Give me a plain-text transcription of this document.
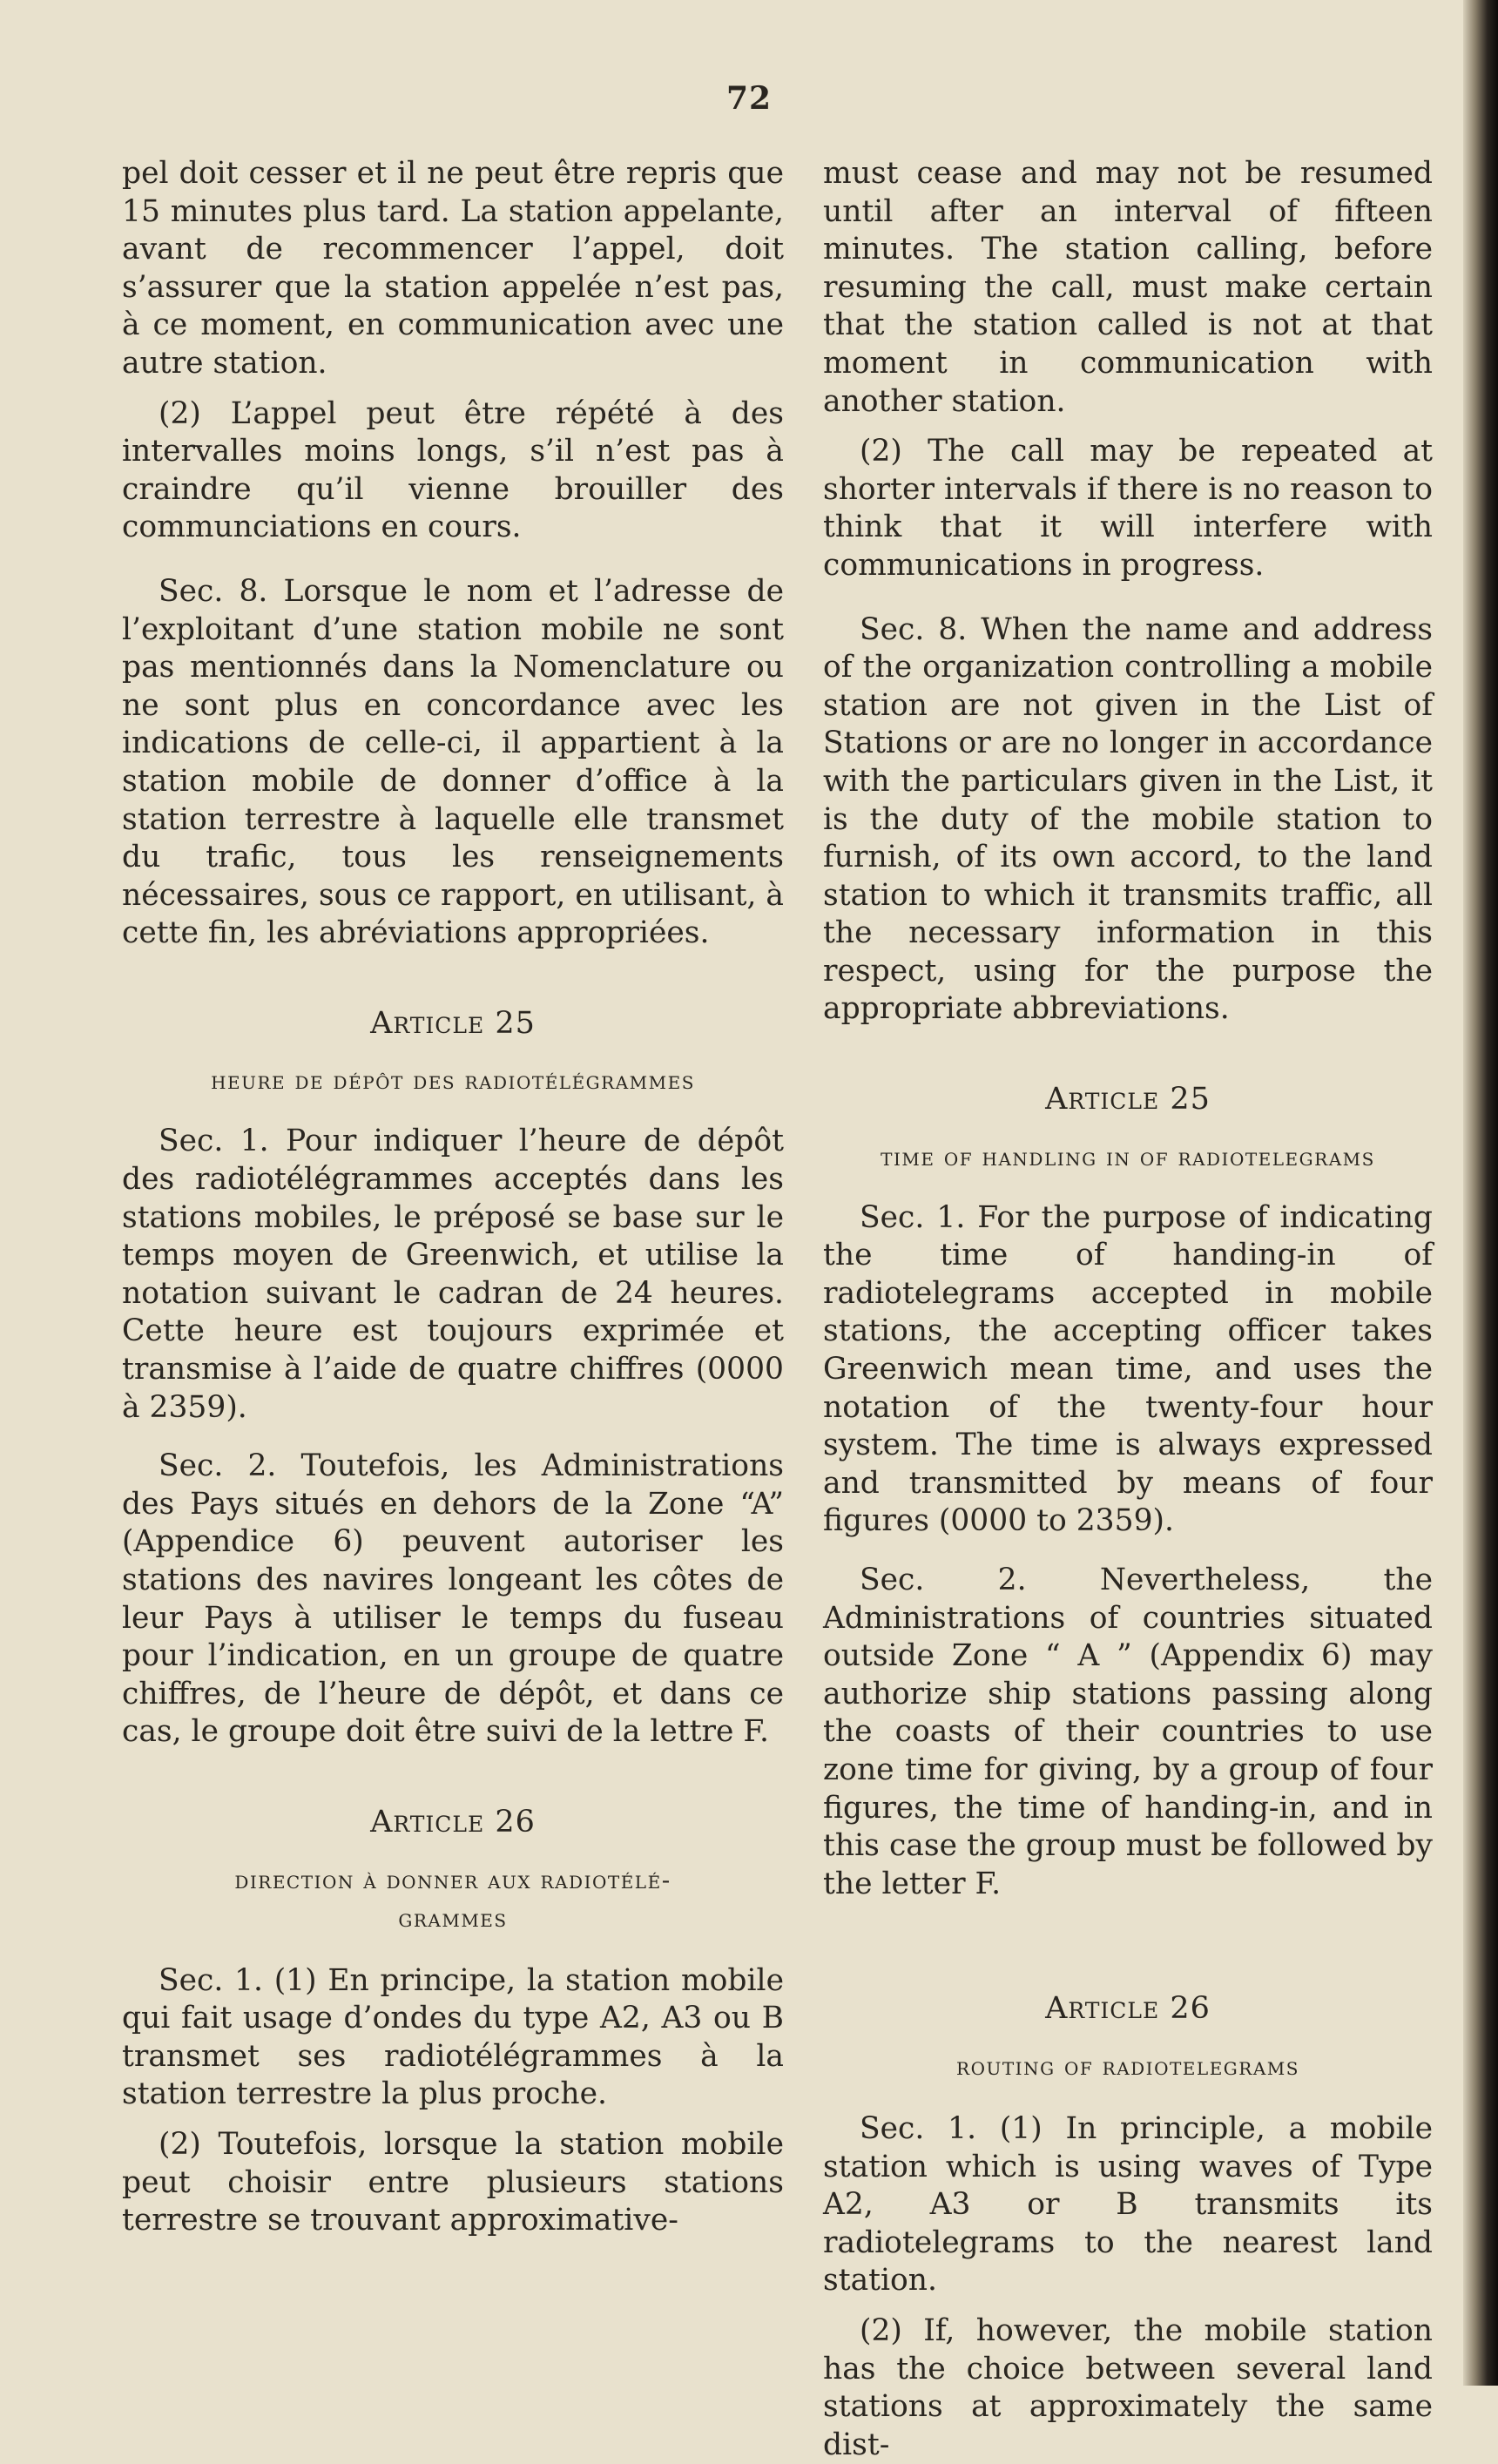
72

pel doit cesser et il ne peut être repris que 15 minutes plus tard. La station appelante, avant de recommencer l’appel, doit s’assurer que la station appelée n’est pas, à ce moment, en communication avec une autre station.

(2) L’appel peut être répété à des intervalles moins longs, s’il n’est pas à craindre qu’il vienne brouiller des communciations en cours.

Sec. 8. Lorsque le nom et l’adresse de l’exploitant d’une station mobile ne sont pas mentionnés dans la Nomenclature ou ne sont plus en concordance avec les indications de celle-ci, il appartient à la station mobile de donner d’office à la station terrestre à laquelle elle transmet du trafic, tous les renseignements nécessaires, sous ce rapport, en utilisant, à cette fin, les abréviations appropriées.

Article 25

heure de dépôt des radiotélégrammes

Sec. 1. Pour indiquer l’heure de dépôt des radiotélégrammes acceptés dans les stations mobiles, le préposé se base sur le temps moyen de Greenwich, et utilise la notation suivant le cadran de 24 heures. Cette heure est toujours exprimée et transmise à l’aide de quatre chiffres (0000 à 2359).

Sec. 2. Toutefois, les Administrations des Pays situés en dehors de la Zone “A” (Appendice 6) peuvent autoriser les stations des navires longeant les côtes de leur Pays à utiliser le temps du fuseau pour l’indication, en un groupe de quatre chiffres, de l’heure de dépôt, et dans ce cas, le groupe doit être suivi de la lettre F.

Article 26

direction à donner aux radiotélé-

grammes

Sec. 1. (1) En principe, la station mobile qui fait usage d’ondes du type A2, A3 ou B transmet ses radiotélégrammes à la station terrestre la plus proche.

(2) Toutefois, lorsque la station mobile peut choisir entre plusieurs stations terrestre se trouvant approximative-

must cease and may not be resumed until after an interval of fifteen minutes. The station calling, before resuming the call, must make certain that the station called is not at that moment in communication with another station.

(2) The call may be repeated at shorter intervals if there is no reason to think that it will interfere with communications in progress.

Sec. 8. When the name and address of the organization controlling a mobile station are not given in the List of Stations or are no longer in accordance with the particulars given in the List, it is the duty of the mobile station to furnish, of its own accord, to the land station to which it transmits traffic, all the necessary information in this respect, using for the purpose the appropriate abbreviations.

Article 25

time of handling in of radiotelegrams

Sec. 1. For the purpose of indicating the time of handing-in of radiotelegrams accepted in mobile stations, the accepting officer takes Greenwich mean time, and uses the notation of the twenty-four hour system. The time is always expressed and transmitted by means of four figures (0000 to 2359).

Sec. 2. Nevertheless, the Administrations of countries situated outside Zone “ A ” (Appendix 6) may authorize ship stations passing along the coasts of their countries to use zone time for giving, by a group of four figures, the time of handing-in, and in this case the group must be followed by the letter F.

Article 26

routing of radiotelegrams

Sec. 1. (1) In principle, a mobile station which is using waves of Type A2, A3 or B transmits its radiotelegrams to the nearest land station.

(2) If, however, the mobile station has the choice between several land stations at approximately the same dist-
